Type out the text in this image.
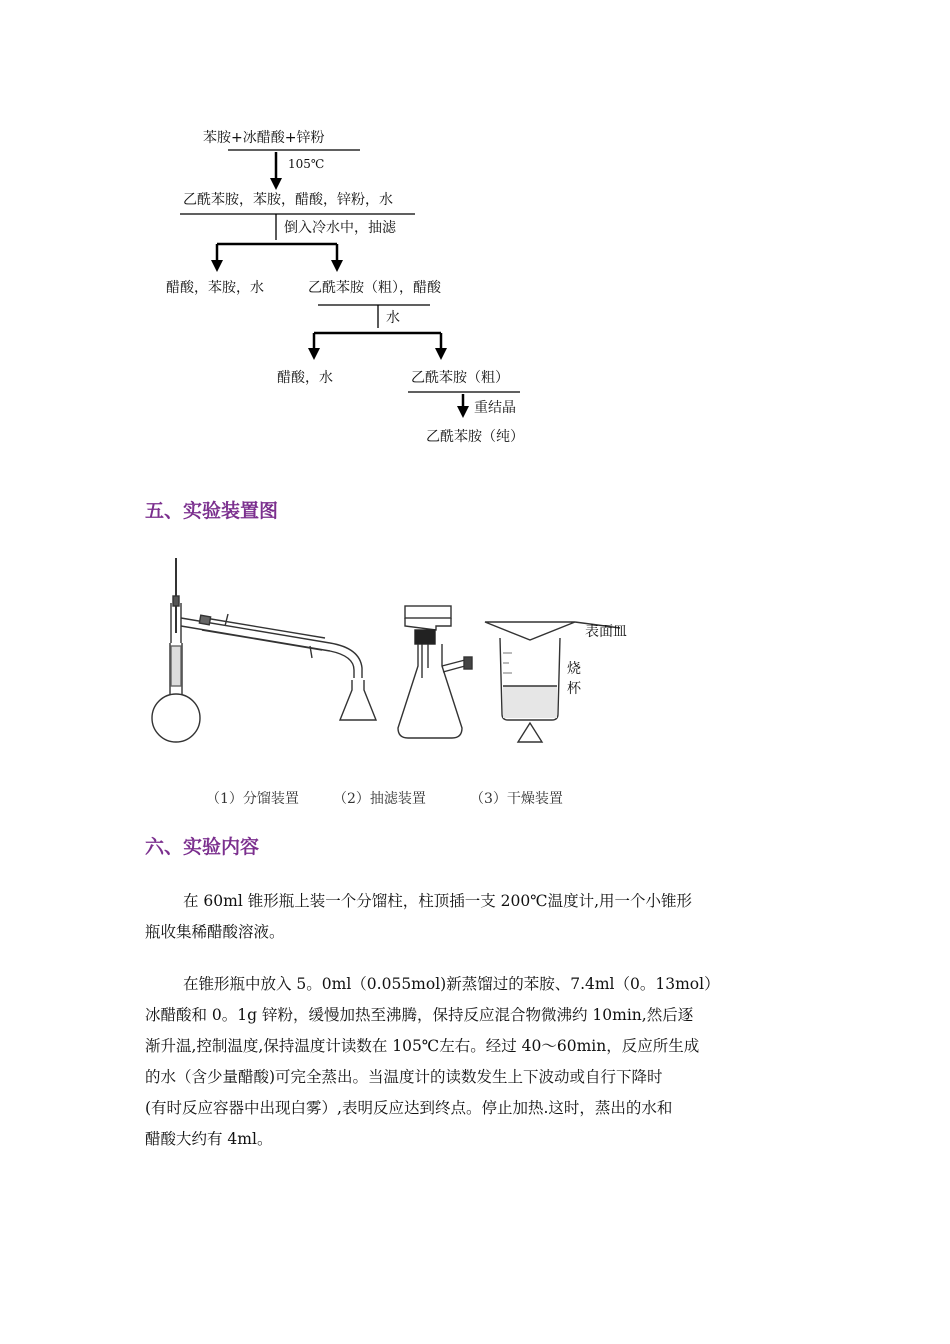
苯胺+冰醋酸+锌粉
105℃
乙酰苯胺，苯胺，醋酸，锌粉，水
倒入冷水中，抽滤
醋酸，苯胺，水	乙酰苯胺（粗），醋酸
水
醋酸，水	乙酰苯胺（粗）
重结晶
乙酰苯胺（纯）
五、实验装置图
表面皿
烧
杯
（1）分馏装置 （2）抽滤装置	（3）干燥装置
六、实验内容
在 60ml 锥形瓶上装一个分馏柱，柱顶插一支 200℃温度计,用一个小锥形
瓶收集稀醋酸溶液。
在锥形瓶中放入 5。0ml（0.055mol)新蒸馏过的苯胺、7.4ml（0。13mol）
冰醋酸和 0。1g 锌粉，缓慢加热至沸腾，保持反应混合物微沸约 10min,然后逐
渐升温,控制温度,保持温度计读数在 105℃左右。经过 40～60min，反应所生成
的水（含少量醋酸)可完全蒸出。当温度计的读数发生上下波动或自行下降时
(有时反应容器中出现白雾）,表明反应达到终点。停止加热.这时，蒸出的水和
醋酸大约有 4ml。
